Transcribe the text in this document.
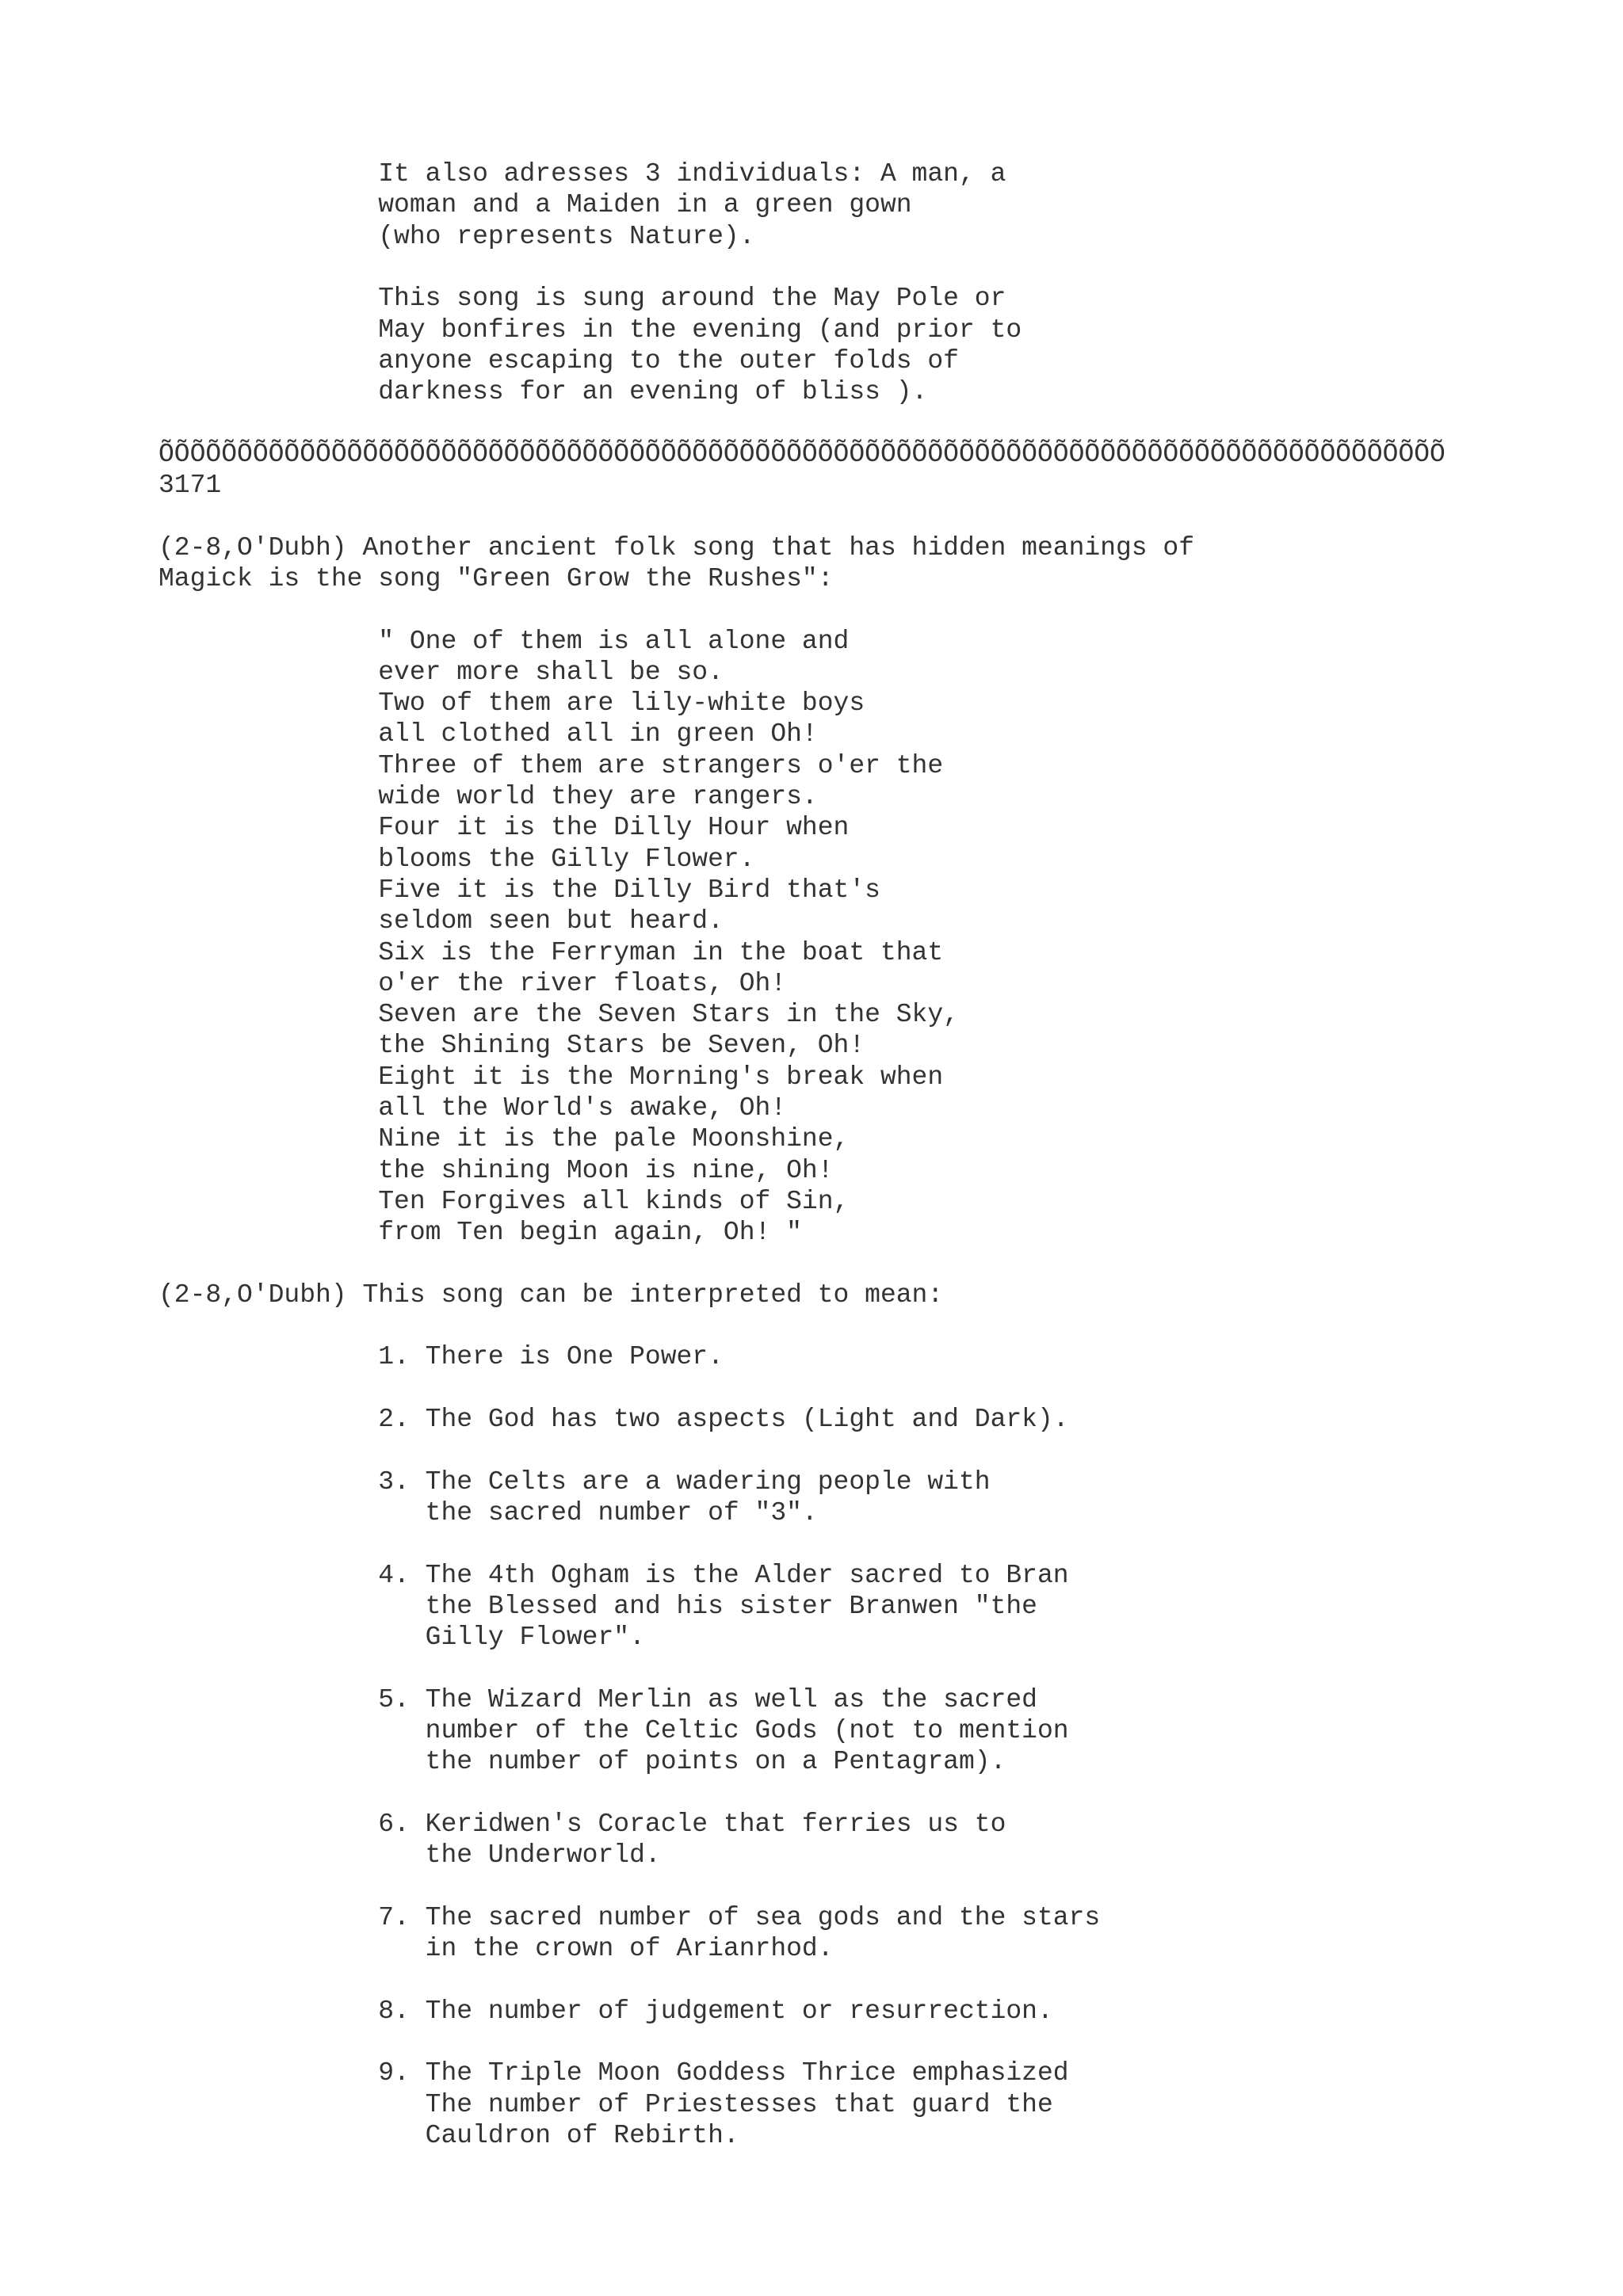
It also adresses 3 individuals: A man, a
woman and a Maiden in a green gown
(who represents Nature).
This song is sung around the May Pole or
May bonfires in the evening (and prior to
anyone escaping to the outer folds of
darkness for an evening of bliss ).
ÕÕÕÕÕÕÕÕÕÕÕÕÕÕÕÕÕÕÕÕÕÕÕÕÕÕÕÕÕÕÕÕÕÕÕÕÕÕÕÕÕÕÕÕÕÕÕÕÕÕÕÕÕÕÕÕÕÕÕÕÕÕÕÕÕÕÕÕÕÕÕÕÕÕÕÕÕÕÕÕÕÕ
3171
(2-8,O'Dubh) Another ancient folk song that has hidden meanings of
Magick is the song "Green Grow the Rushes":
" One of them is all alone and
ever more shall be so.
Two of them are lily-white boys
all clothed all in green Oh!
Three of them are strangers o'er the
wide world they are rangers.
Four it is the Dilly Hour when
blooms the Gilly Flower.
Five it is the Dilly Bird that's
seldom seen but heard.
Six is the Ferryman in the boat that
o'er the river floats, Oh!
Seven are the Seven Stars in the Sky,
the Shining Stars be Seven, Oh!
Eight it is the Morning's break when
all the World's awake, Oh!
Nine it is the pale Moonshine,
the shining Moon is nine, Oh!
Ten Forgives all kinds of Sin,
from Ten begin again, Oh! "
(2-8,O'Dubh) This song can be interpreted to mean:
1. There is One Power.
2. The God has two aspects (Light and Dark).
3. The Celts are a wadering people with
the sacred number of "3".
4. The 4th Ogham is the Alder sacred to Bran
the Blessed and his sister Branwen "the
Gilly Flower".
5. The Wizard Merlin as well as the sacred
number of the Celtic Gods (not to mention
the number of points on a Pentagram).
6. Keridwen's Coracle that ferries us to
the Underworld.
7. The sacred number of sea gods and the stars
in the crown of Arianrhod.
8. The number of judgement or resurrection.
9. The Triple Moon Goddess Thrice emphasized
The number of Priestesses that guard the
Cauldron of Rebirth.
